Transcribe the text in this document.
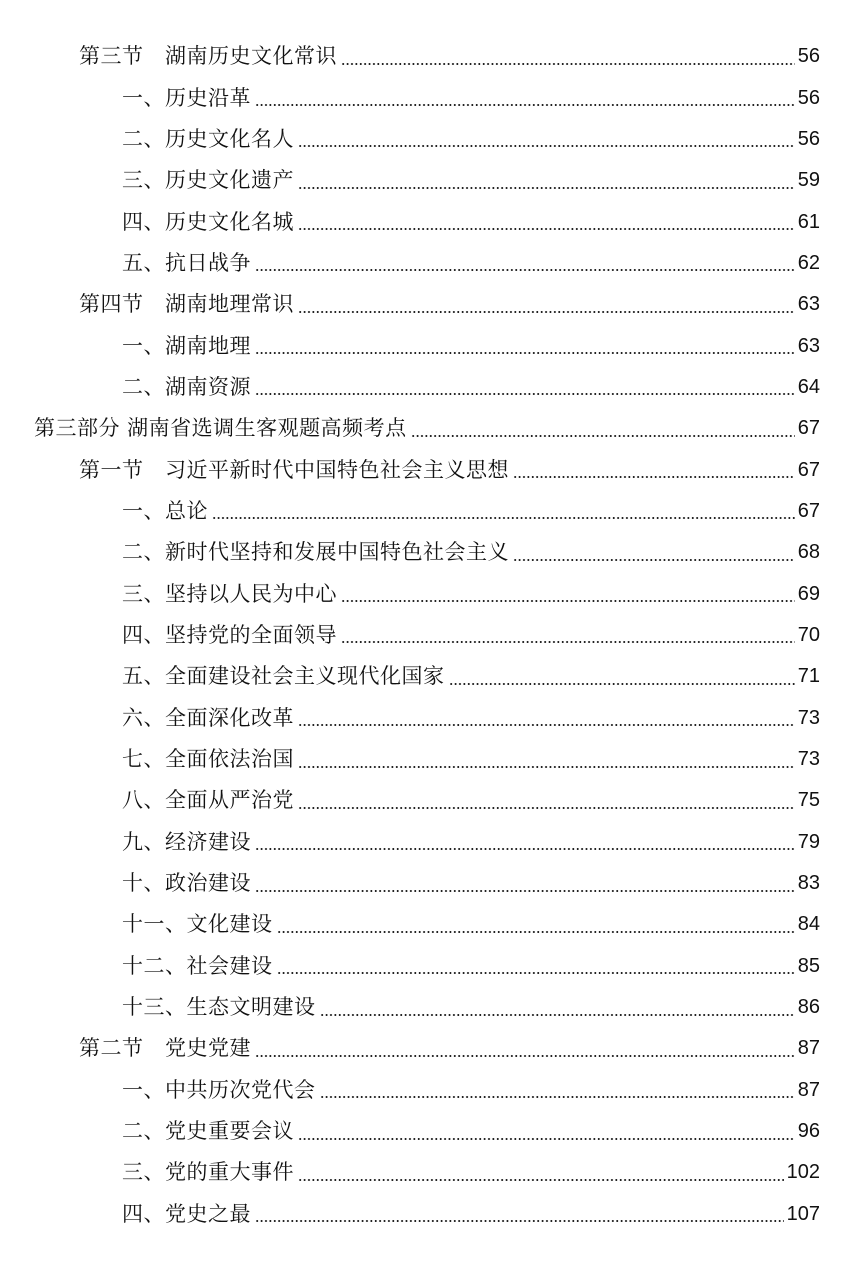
第三节　湖南历史文化常识	56
一、历史沿革	56
二、历史文化名人	56
三、历史文化遗产	59
四、历史文化名城	61
五、抗日战争	62
第四节　湖南地理常识	63
一、湖南地理	63
二、湖南资源	64
第三部分 湖南省选调生客观题高频考点	67
第一节　习近平新时代中国特色社会主义思想	67
一、总论	67
二、新时代坚持和发展中国特色社会主义	68
三、坚持以人民为中心	69
四、坚持党的全面领导	70
五、全面建设社会主义现代化国家	71
六、全面深化改革	73
七、全面依法治国	73
八、全面从严治党	75
九、经济建设	79
十、政治建设	83
十一、文化建设	84
十二、社会建设	85
十三、生态文明建设	86
第二节　党史党建	87
一、中共历次党代会	87
二、党史重要会议	96
三、党的重大事件	102
四、党史之最	107
